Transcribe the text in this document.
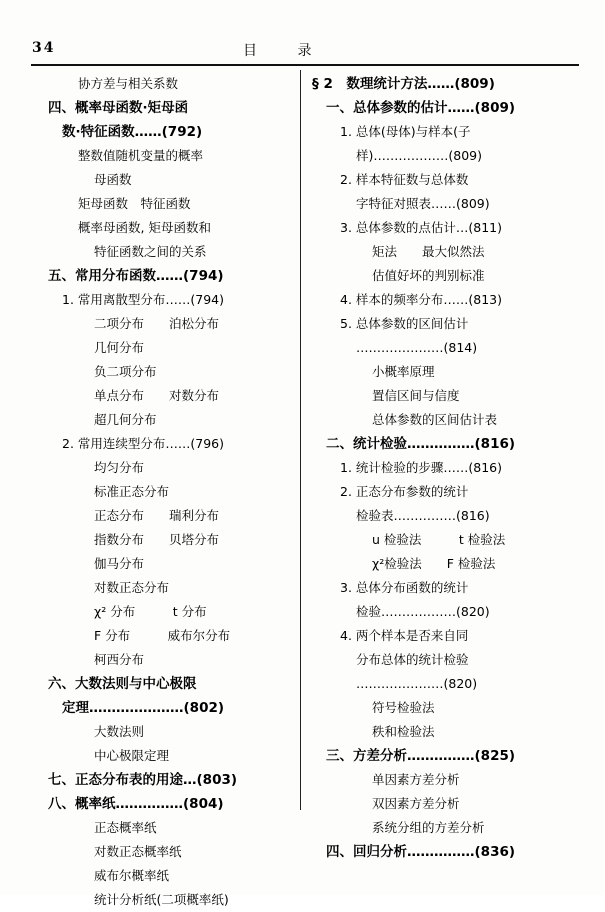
34	目 录
协方差与相关系数
四、概率母函数·矩母函
数·特征函数……(792)
整数值随机变量的概率
母函数
矩母函数　特征函数
概率母函数, 矩母函数和
特征函数之间的关系
五、常用分布函数……(794)
1. 常用离散型分布……(794)
二项分布　　泊松分布
几何分布
负二项分布
单点分布　　对数分布
超几何分布
2. 常用连续型分布……(796)
均匀分布
标准正态分布
正态分布　　瑞利分布
指数分布　　贝塔分布
伽马分布
对数正态分布
χ² 分布　　　t 分布
F 分布　　　威布尔分布
柯西分布
六、大数法则与中心极限
定理…………………(802)
大数法则
中心极限定理
七、正态分布表的用途…(803)
八、概率纸……………(804)
正态概率纸
对数正态概率纸
威布尔概率纸
统计分析纸(二项概率纸)
§ 2　数理统计方法……(809)
一、总体参数的估计……(809)
1. 总体(母体)与样本(子
样)………………(809)
2. 样本特征数与总体数
字特征对照表……(809)
3. 总体参数的点估计…(811)
矩法　　最大似然法
估值好坏的判别标准
4. 样本的频率分布……(813)
5. 总体参数的区间估计
…………………(814)
小概率原理
置信区间与信度
总体参数的区间估计表
二、统计检验……………(816)
1. 统计检验的步骤……(816)
2. 正态分布参数的统计
检验表……………(816)
u 检验法　　　t 检验法
χ²检验法　　F 检验法
3. 总体分布函数的统计
检验………………(820)
4. 两个样本是否来自同
分布总体的统计检验
…………………(820)
符号检验法
秩和检验法
三、方差分析……………(825)
单因素方差分析
双因素方差分析
系统分组的方差分析
四、回归分析……………(836)
